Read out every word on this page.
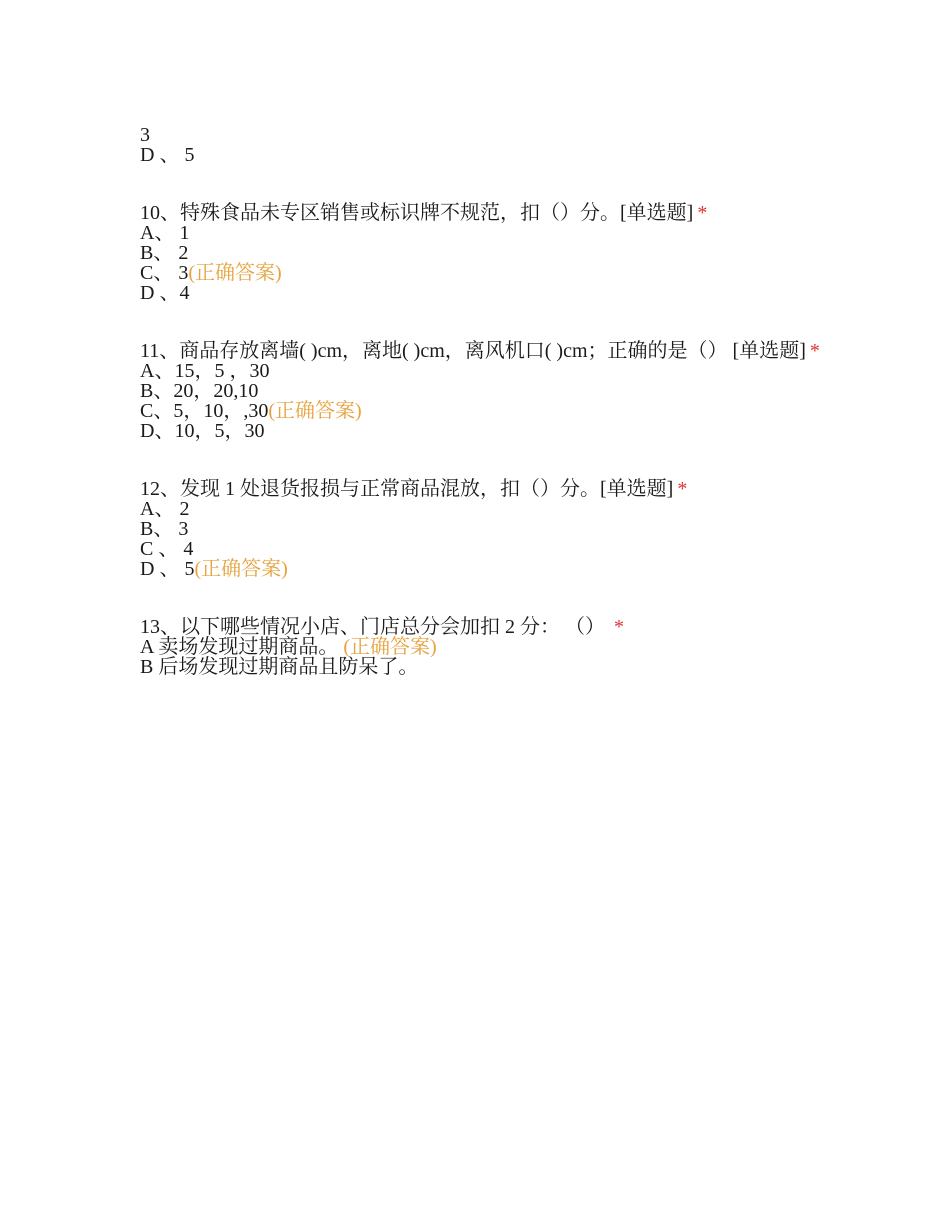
3

D 、 5

10、特殊食品未专区销售或标识牌不规范，扣（）分。[单选题] *

A、 1

B、 2

C、 3(正确答案)

D 、4

11、商品存放离墙( )cm，离地( )cm，离风机口( )cm；正确的是（） [单选题] *

A、15，5 ，30

B、20，20,10

C、5，10，,30(正确答案)

D、10，5，30

12、发现 1 处退货报损与正常商品混放，扣（）分。[单选题] *

A、 2

B、 3

C 、 4

D 、 5(正确答案)

13、以下哪些情况小店、门店总分会加扣 2 分： （） *

A 卖场发现过期商品。 (正确答案)

B 后场发现过期商品且防呆了。
